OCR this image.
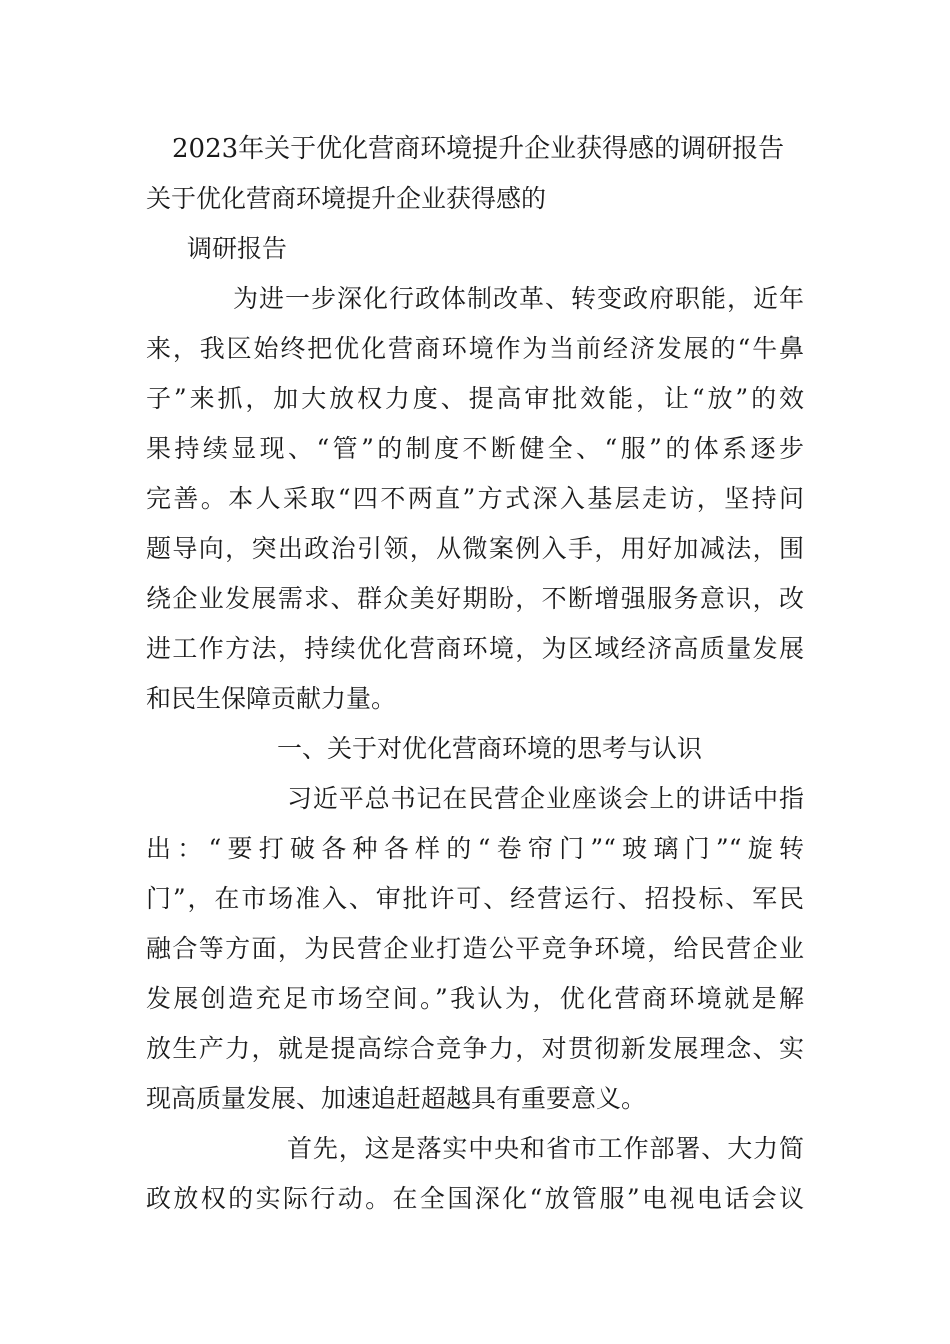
2023年关于优化营商环境提升企业获得感的调研报告

关于优化营商环境提升企业获得感的

调研报告

为进一步深化行政体制改革、转变政府职能，近年

来，我区始终把优化营商环境作为当前经济发展的“牛鼻

子”来抓，加大放权力度、提高审批效能，让“放”的效

果持续显现、“管”的制度不断健全、“服”的体系逐步

完善。本人采取“四不两直”方式深入基层走访，坚持问

题导向，突出政治引领，从微案例入手，用好加减法，围

绕企业发展需求、群众美好期盼，不断增强服务意识，改

进工作方法，持续优化营商环境，为区域经济高质量发展

和民生保障贡献力量。

一、关于对优化营商环境的思考与认识

习近平总书记在民营企业座谈会上的讲话中指

出：“要打破各种各样的“卷帘门”“玻璃门”“旋转

门”，在市场准入、审批许可、经营运行、招投标、军民

融合等方面，为民营企业打造公平竞争环境，给民营企业

发展创造充足市场空间。”我认为，优化营商环境就是解

放生产力，就是提高综合竞争力，对贯彻新发展理念、实

现高质量发展、加速追赶超越具有重要意义。

首先，这是落实中央和省市工作部署、大力简

政放权的实际行动。在全国深化“放管服”电视电话会议
